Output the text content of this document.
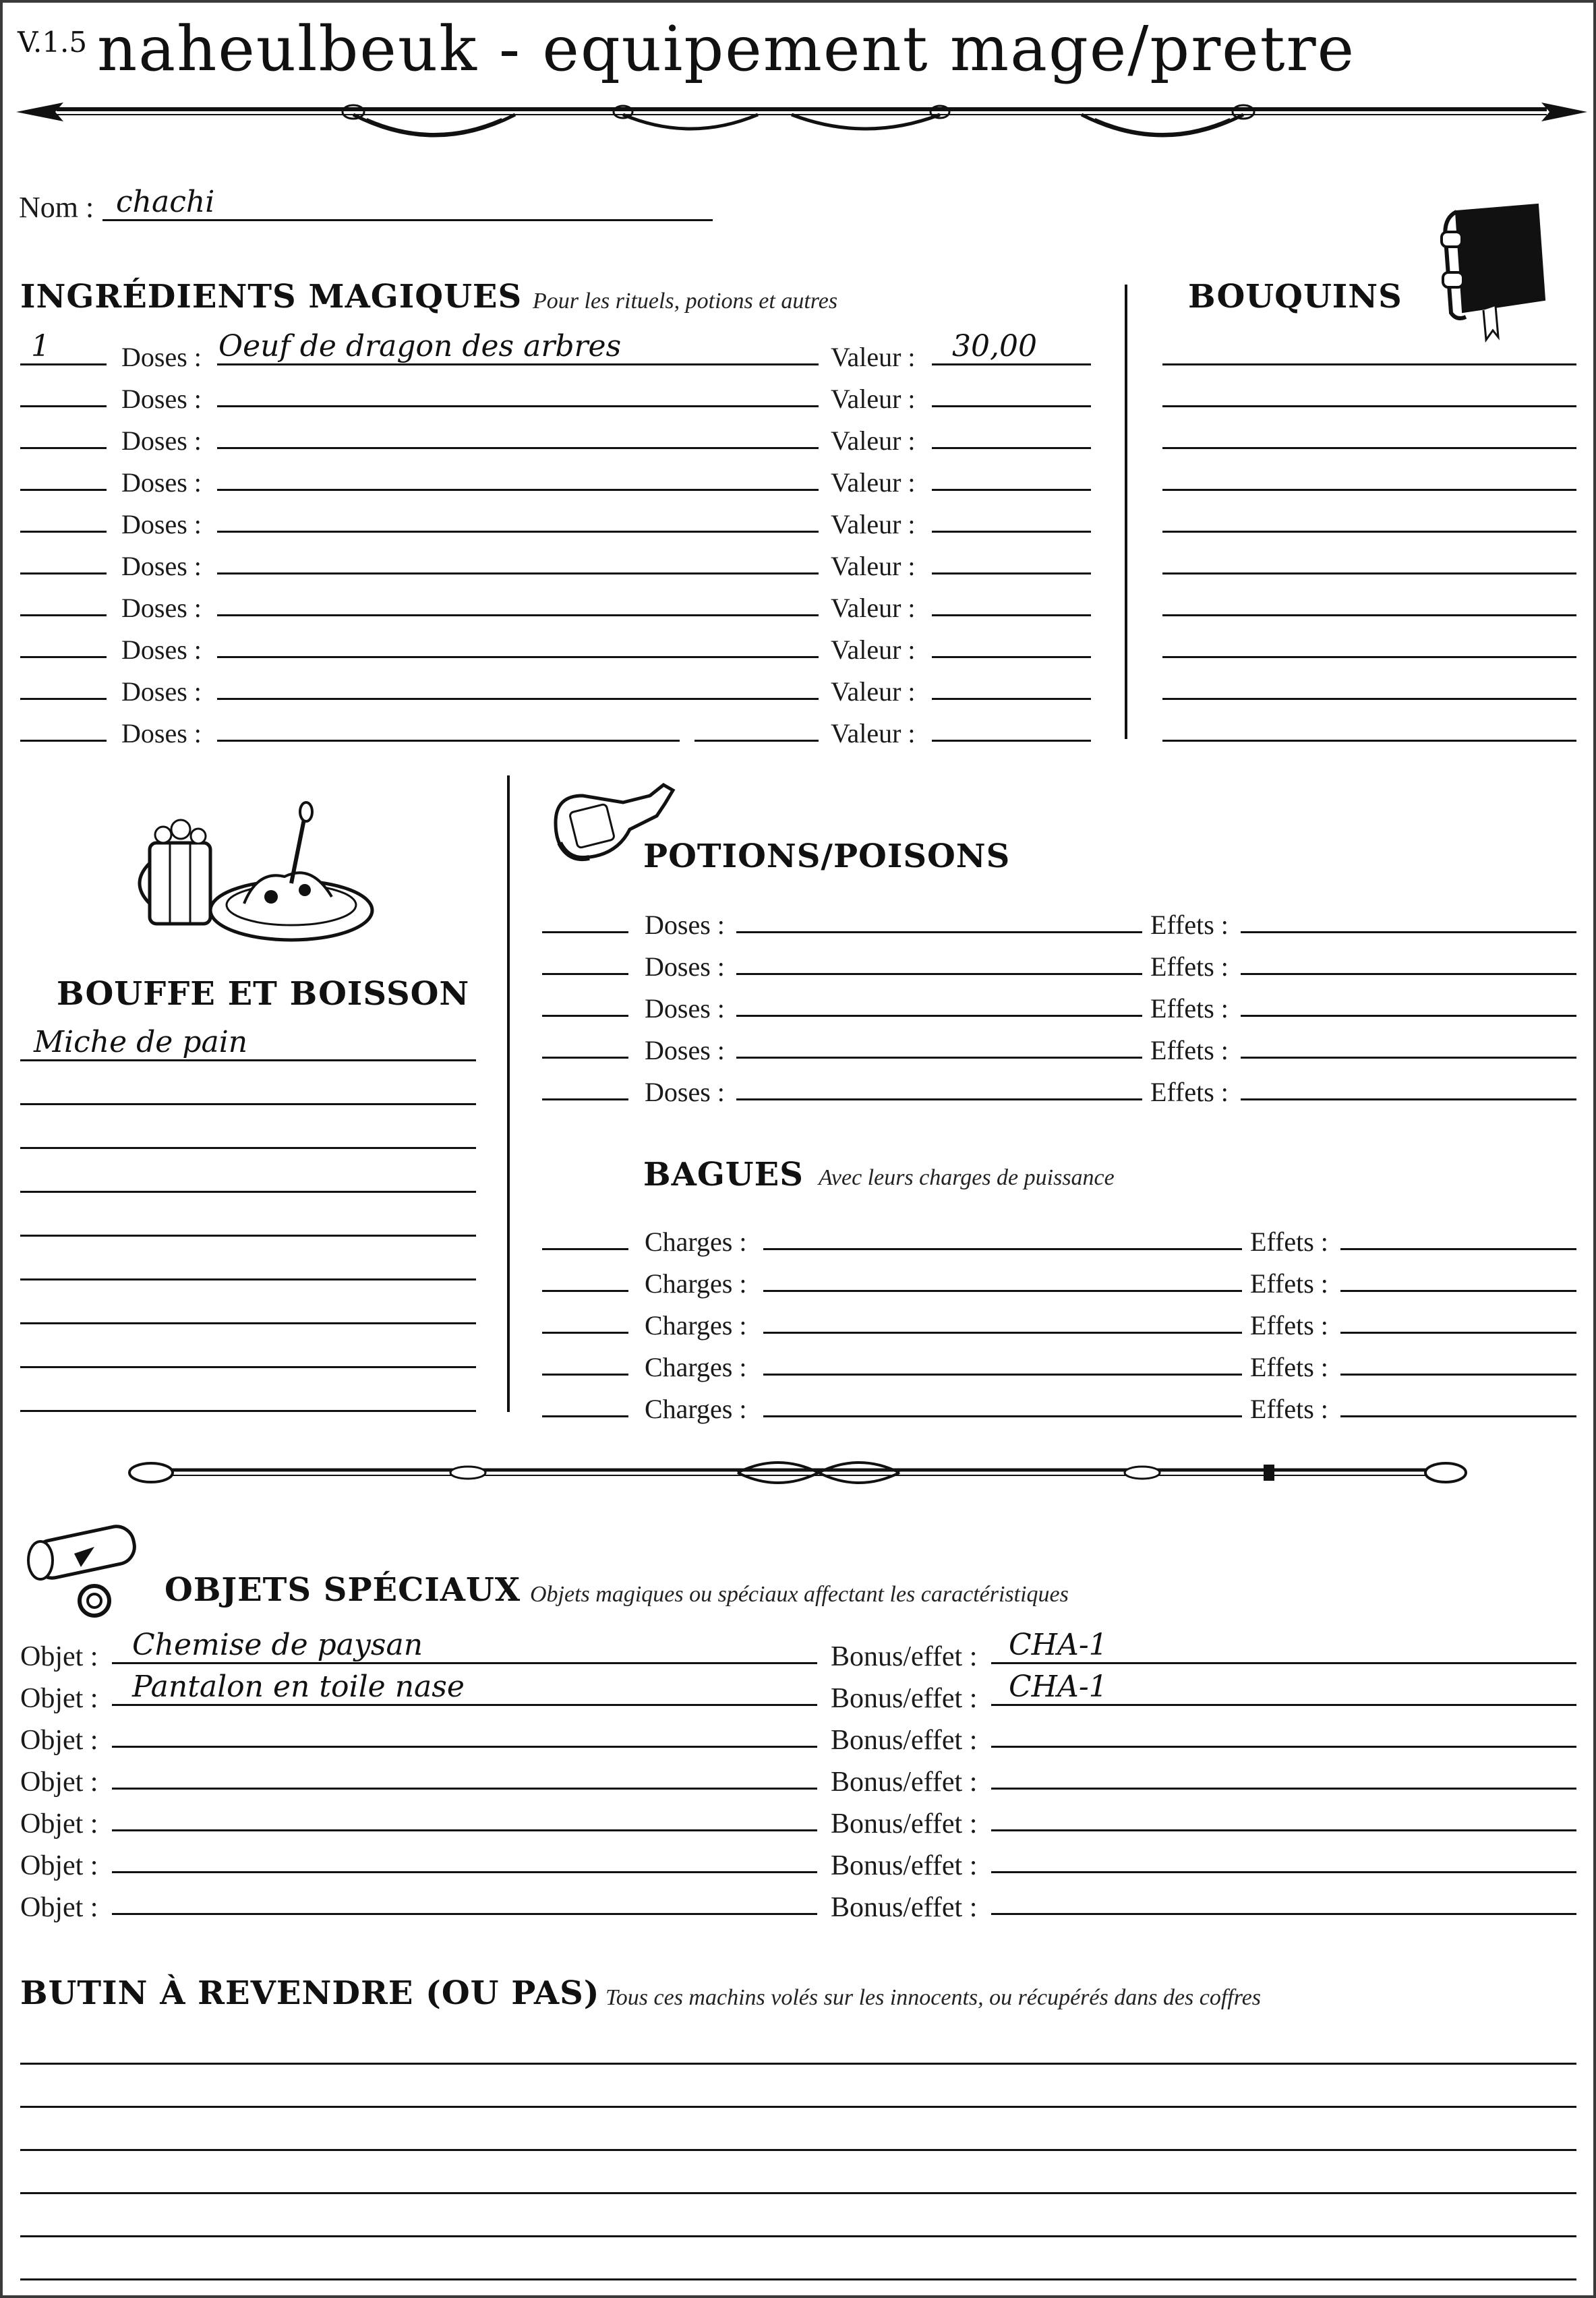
V.1.5 naheulbeuk - equipement mage/pretre
Nom : chachi
INGRÉDIENTS MAGIQUES Pour les rituels, potions et autres
1	Doses : Oeuf de dragon des arbres	Valeur : 30,00
Doses :	Valeur :
Doses :	Valeur :
Doses :	Valeur :
Doses :	Valeur :
Doses :	Valeur :
Doses :	Valeur :
Doses :	Valeur :
Doses :	Valeur :
Doses :	Valeur :
BOUQUINS
BOUFFE ET BOISSON
Miche de pain
POTIONS/POISONS
Doses :	Effets :
Doses :	Effets :
Doses :	Effets :
Doses :	Effets :
Doses :	Effets :
BAGUES Avec leurs charges de puissance
Charges :	Effets :
Charges :	Effets :
Charges :	Effets :
Charges :	Effets :
Charges :	Effets :
OBJETS SPÉCIAUX Objets magiques ou spéciaux affectant les caractéristiques
Objet : Chemise de paysan	Bonus/effet : CHA-1
Objet : Pantalon en toile nase	Bonus/effet : CHA-1
Objet :	Bonus/effet :
Objet :	Bonus/effet :
Objet :	Bonus/effet :
Objet :	Bonus/effet :
Objet :	Bonus/effet :
BUTIN À REVENDRE (OU PAS) Tous ces machins volés sur les innocents, ou récupérés dans des coffres
